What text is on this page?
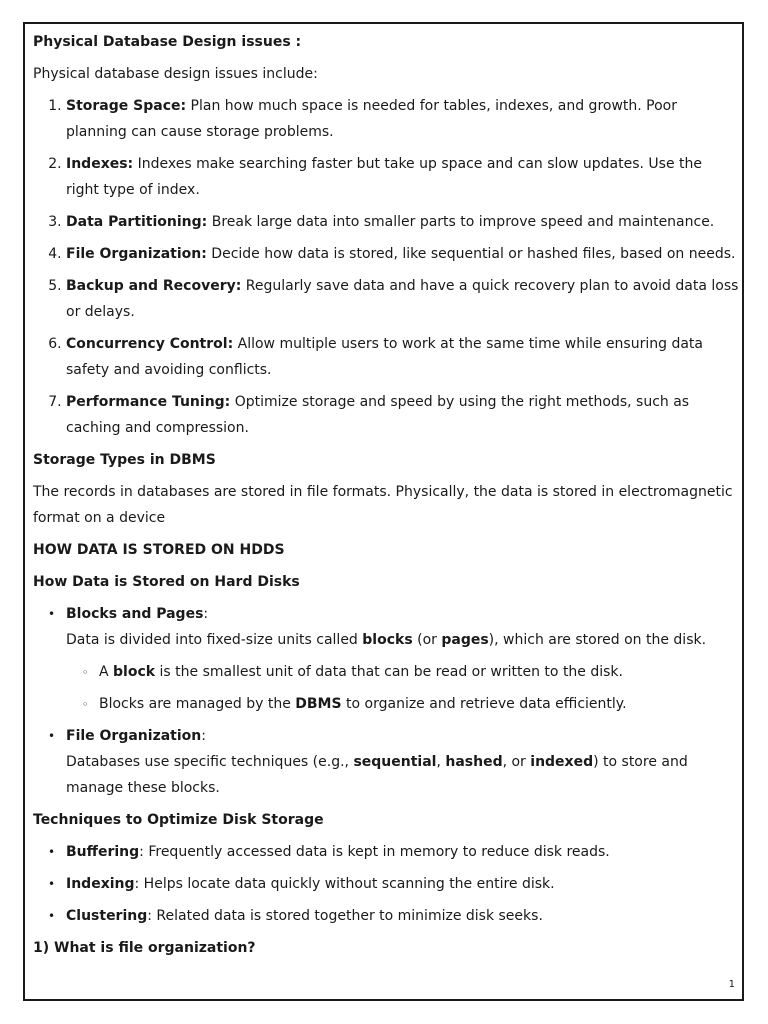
Physical Database Design issues :

Physical database design issues include:

1. Storage Space: Plan how much space is needed for tables, indexes, and growth. Poor planning can cause storage problems.
2. Indexes: Indexes make searching faster but take up space and can slow updates. Use the right type of index.
3. Data Partitioning: Break large data into smaller parts to improve speed and maintenance.
4. File Organization: Decide how data is stored, like sequential or hashed files, based on needs.
5. Backup and Recovery: Regularly save data and have a quick recovery plan to avoid data loss or delays.
6. Concurrency Control: Allow multiple users to work at the same time while ensuring data safety and avoiding conflicts.
7. Performance Tuning: Optimize storage and speed by using the right methods, such as caching and compression.

Storage Types in DBMS

The records in databases are stored in file formats. Physically, the data is stored in electromagnetic format on a device

HOW DATA IS STORED ON HDDS

How Data is Stored on Hard Disks

• Blocks and Pages:
Data is divided into fixed-size units called blocks (or pages), which are stored on the disk.
◦ A block is the smallest unit of data that can be read or written to the disk.
◦ Blocks are managed by the DBMS to organize and retrieve data efficiently.
• File Organization:
Databases use specific techniques (e.g., sequential, hashed, or indexed) to store and manage these blocks.

Techniques to Optimize Disk Storage

• Buffering: Frequently accessed data is kept in memory to reduce disk reads.
• Indexing: Helps locate data quickly without scanning the entire disk.
• Clustering: Related data is stored together to minimize disk seeks.

1) What is file organization?

1
